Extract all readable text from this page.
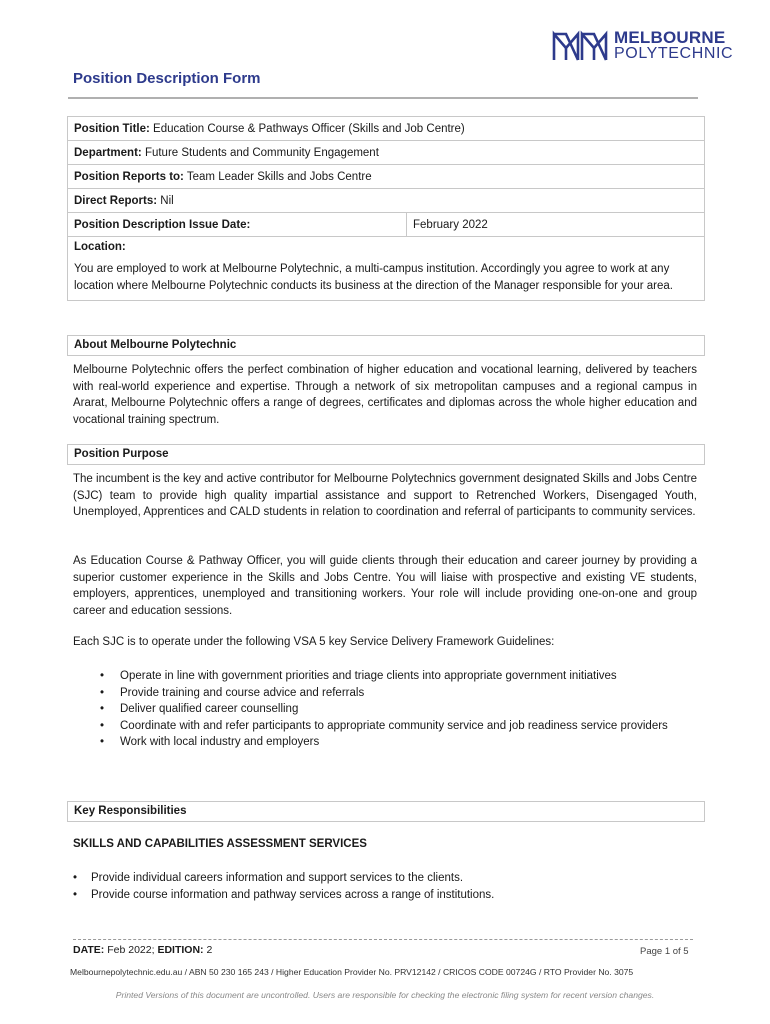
MELBOURNE
POLYTECHNIC
Position Description Form
Position Title: Education Course & Pathways Officer (Skills and Job Centre)
Department: Future Students and Community Engagement
Position Reports to: Team Leader Skills and Jobs Centre
Direct Reports: Nil
Position Description Issue Date:	February 2022

Location:
You are employed to work at Melbourne Polytechnic, a multi-campus institution. Accordingly you agree to work at any location where Melbourne Polytechnic conducts its business at the direction of the Manager responsible for your area.
About Melbourne Polytechnic
Melbourne Polytechnic offers the perfect combination of higher education and vocational learning, delivered by teachers with real-world experience and expertise. Through a network of six metropolitan campuses and a regional campus in Ararat, Melbourne Polytechnic offers a range of degrees, certificates and diplomas across the whole higher education and vocational training spectrum.
Position Purpose
The incumbent is the key and active contributor for Melbourne Polytechnics government designated Skills and Jobs Centre (SJC) team to provide high quality impartial assistance and support to Retrenched Workers, Disengaged Youth, Unemployed, Apprentices and CALD students in relation to coordination and referral of participants to community services.
As Education Course & Pathway Officer, you will guide clients through their education and career journey by providing a superior customer experience in the Skills and Jobs Centre. You will liaise with prospective and existing VE students, employers, apprentices, unemployed and transitioning workers. Your role will include providing one-on-one and group career and education sessions.
Each SJC is to operate under the following VSA 5 key Service Delivery Framework Guidelines:
• Operate in line with government priorities and triage clients into appropriate government initiatives
• Provide training and course advice and referrals
• Deliver qualified career counselling
• Coordinate with and refer participants to appropriate community service and job readiness service providers
• Work with local industry and employers
Key Responsibilities
SKILLS AND CAPABILITIES ASSESSMENT SERVICES
• Provide individual careers information and support services to the clients.
• Provide course information and pathway services across a range of institutions.
DATE: Feb 2022; EDITION: 2	Page 1 of 5
Melbournepolytechnic.edu.au / ABN 50 230 165 243 / Higher Education Provider No. PRV12142 / CRICOS CODE 00724G / RTO Provider No. 3075
Printed Versions of this document are uncontrolled. Users are responsible for checking the electronic filing system for recent version changes.
